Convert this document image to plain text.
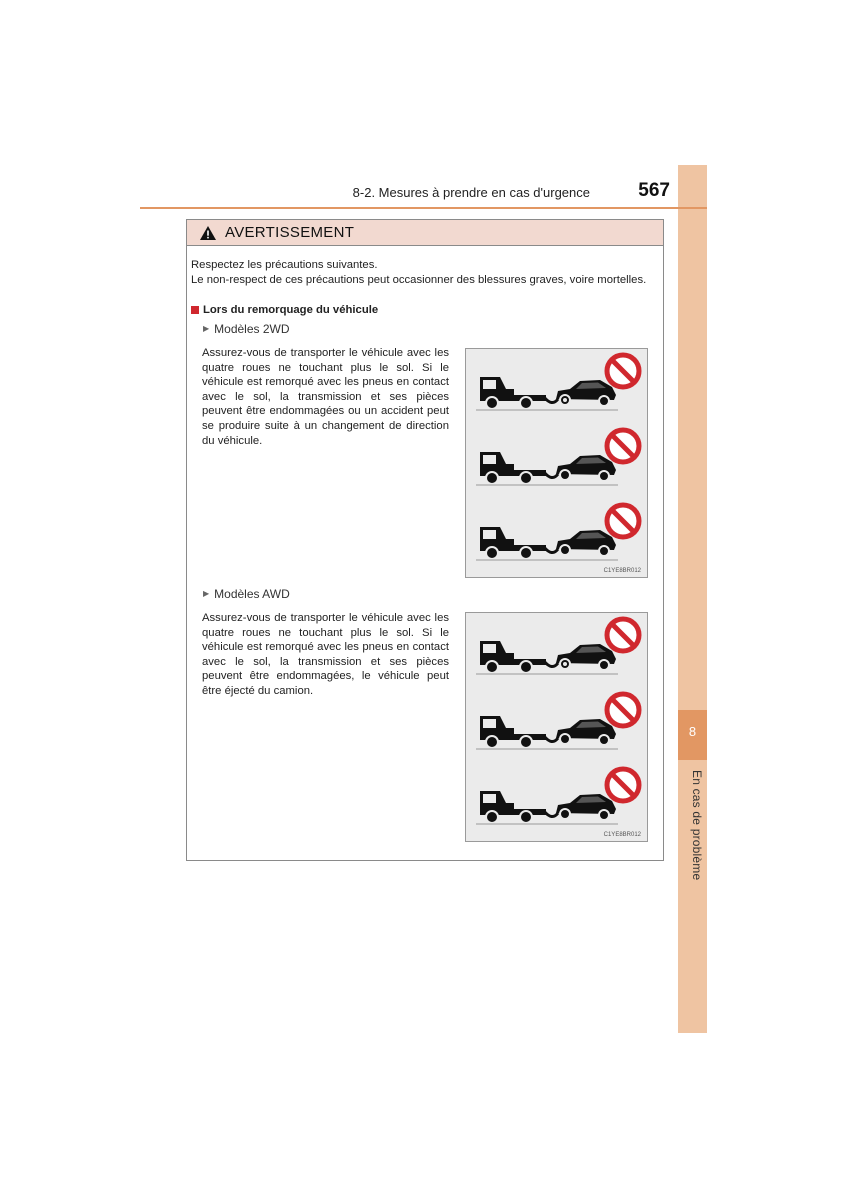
8
En cas de problème
8-2. Mesures à prendre en cas d'urgence	567
AVERTISSEMENT
Respectez les précautions suivantes.
Le non-respect de ces précautions peut occasionner des blessures graves, voire mortelles.
Lors du remorquage du véhicule
▶ Modèles 2WD
Assurez-vous de transporter le véhicule avec les quatre roues ne touchant plus le sol. Si le véhicule est remorqué avec les pneus en contact avec le sol, la transmission et ses pièces peuvent être endommagées ou un accident peut se produire suite à un changement de direction du véhicule.
C1YE8BR012
▶ Modèles AWD
Assurez-vous de transporter le véhicule avec les quatre roues ne touchant plus le sol. Si le véhicule est remorqué avec les pneus en contact avec le sol, la transmission et ses pièces peuvent être endommagées, le véhicule peut être éjecté du camion.
C1YE8BR012
